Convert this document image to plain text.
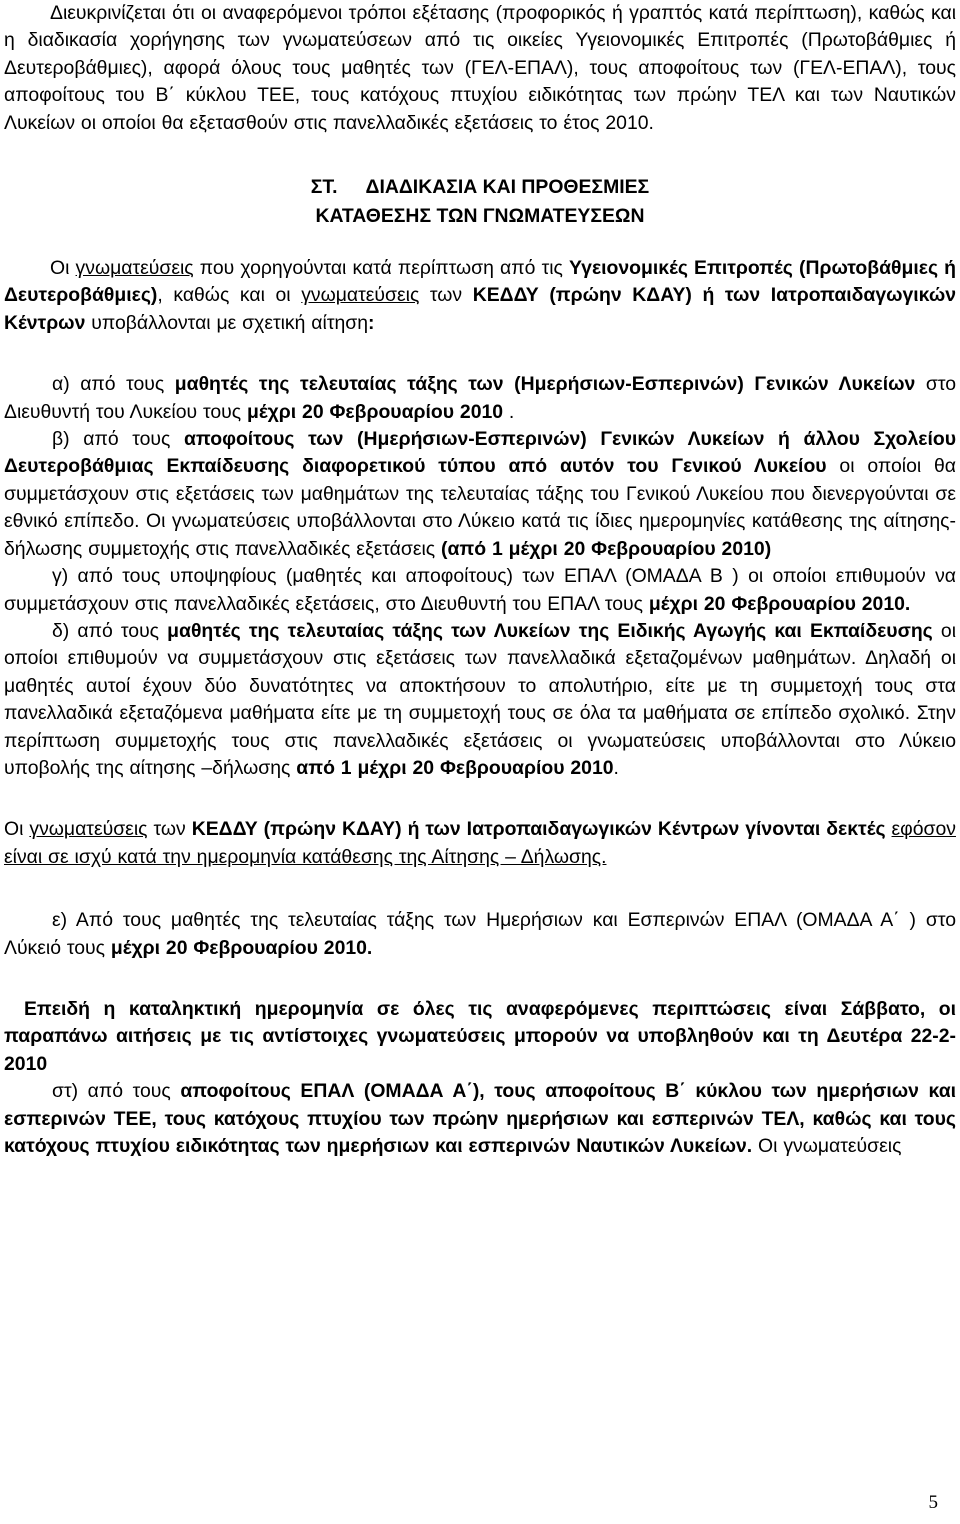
Διευκρινίζεται ότι οι αναφερόμενοι τρόποι εξέτασης (προφορικός ή γραπτός κατά περίπτωση), καθώς και η διαδικασία χορήγησης των γνωματεύσεων από τις οικείες Υγειονομικές Επιτροπές (Πρωτοβάθμιες ή Δευτεροβάθμιες), αφορά όλους τους μαθητές των (ΓΕΛ-ΕΠΑΛ), τους αποφοίτους των (ΓΕΛ-ΕΠΑΛ), τους αποφοίτους του Β΄ κύκλου ΤΕΕ, τους κατόχους πτυχίου ειδικότητας των πρώην ΤΕΛ και των Ναυτικών Λυκείων οι οποίοι θα εξετασθούν στις πανελλαδικές εξετάσεις το έτος 2010.

ΣΤ. ΔΙΑΔΙΚΑΣΙΑ ΚΑΙ ΠΡΟΘΕΣΜΙΕΣ
ΚΑΤΑΘΕΣΗΣ ΤΩΝ ΓΝΩΜΑΤΕΥΣΕΩΝ

Οι γνωματεύσεις που χορηγούνται κατά περίπτωση από τις Υγειονομικές Επιτροπές (Πρωτοβάθμιες ή Δευτεροβάθμιες), καθώς και οι γνωματεύσεις των ΚΕΔΔΥ (πρώην ΚΔΑΥ) ή των Ιατροπαιδαγωγικών Κέντρων υποβάλλονται με σχετική αίτηση:

α) από τους μαθητές της τελευταίας τάξης των (Ημερήσιων-Εσπερινών) Γενικών Λυκείων στο Διευθυντή του Λυκείου τους μέχρι 20 Φεβρουαρίου 2010 .

β) από τους αποφοίτους των (Ημερήσιων-Εσπερινών) Γενικών Λυκείων ή άλλου Σχολείου Δευτεροβάθμιας Εκπαίδευσης διαφορετικού τύπου από αυτόν του Γενικού Λυκείου οι οποίοι θα συμμετάσχουν στις εξετάσεις των μαθημάτων της τελευταίας τάξης του Γενικού Λυκείου που διενεργούνται σε εθνικό επίπεδο. Οι γνωματεύσεις υποβάλλονται στο Λύκειο κατά τις ίδιες ημερομηνίες κατάθεσης της αίτησης-δήλωσης συμμετοχής στις πανελλαδικές εξετάσεις (από 1 μέχρι 20 Φεβρουαρίου 2010)

γ) από τους υποψηφίους (μαθητές και αποφοίτους) των ΕΠΑΛ (ΟΜΑΔΑ Β ) οι οποίοι επιθυμούν να συμμετάσχουν στις πανελλαδικές εξετάσεις, στο Διευθυντή του ΕΠΑΛ τους μέχρι 20 Φεβρουαρίου 2010.

δ) από τους μαθητές της τελευταίας τάξης των Λυκείων της Ειδικής Αγωγής και Εκπαίδευσης οι οποίοι επιθυμούν να συμμετάσχουν στις εξετάσεις των πανελλαδικά εξεταζομένων μαθημάτων. Δηλαδή οι μαθητές αυτοί έχουν δύο δυνατότητες να αποκτήσουν το απολυτήριο, είτε με τη συμμετοχή τους στα πανελλαδικά εξεταζόμενα μαθήματα είτε με τη συμμετοχή τους σε όλα τα μαθήματα σε επίπεδο σχολικό. Στην περίπτωση συμμετοχής τους στις πανελλαδικές εξετάσεις οι γνωματεύσεις υποβάλλονται στο Λύκειο υποβολής της αίτησης –δήλωσης από 1 μέχρι 20 Φεβρουαρίου 2010.

Οι γνωματεύσεις των ΚΕΔΔΥ (πρώην ΚΔΑΥ) ή των Ιατροπαιδαγωγικών Κέντρων γίνονται δεκτές εφόσον είναι σε ισχύ κατά την ημερομηνία κατάθεσης της Αίτησης – Δήλωσης.

ε) Από τους μαθητές της τελευταίας τάξης των Ημερήσιων και Εσπερινών ΕΠΑΛ (ΟΜΑΔΑ Α΄ ) στο Λύκειό τους μέχρι 20 Φεβρουαρίου 2010.

Επειδή η καταληκτική ημερομηνία σε όλες τις αναφερόμενες περιπτώσεις είναι Σάββατο, οι παραπάνω αιτήσεις με τις αντίστοιχες γνωματεύσεις μπορούν να υποβληθούν και τη Δευτέρα 22-2-2010

στ) από τους αποφοίτους ΕΠΑΛ (ΟΜΑΔΑ Α΄), τους αποφοίτους Β΄ κύκλου των ημερήσιων και εσπερινών ΤΕΕ, τους κατόχους πτυχίου των πρώην ημερήσιων και εσπερινών ΤΕΛ, καθώς και τους κατόχους πτυχίου ειδικότητας των ημερήσιων και εσπερινών Ναυτικών Λυκείων. Οι γνωματεύσεις

5
